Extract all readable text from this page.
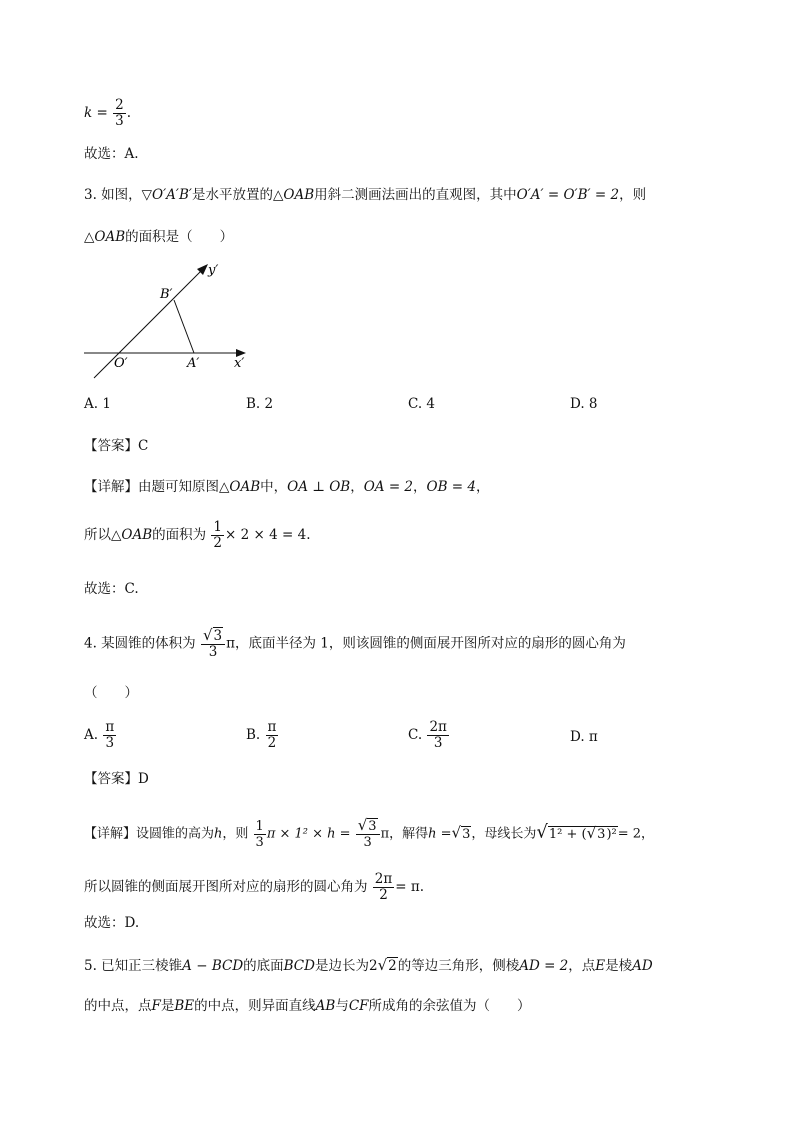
$k = \frac{2}{3}$ .
故选：A.
3. 如图，▽O′A′B′是水平放置的△OAB用斜二测画法画出的直观图，其中O′A′ = O′B′ = 2，则
△OAB的面积是（　　）
y′
B′
O′	A′	x′
A. 1	B. 2	C. 4	D. 8
【答案】C
【详解】由题可知原图△OAB中，OA ⊥ OB，OA = 2，OB = 4，
所以△OAB的面积为 $\frac{1}{2} \times 2 \times 4 = 4$.
故选：C.
4. 某圆锥的体积为 $\frac{√3}{3}$ π，底面半径为 1，则该圆锥的侧面展开图所对应的扇形的圆心角为
（　　）
A. $\frac{\pi}{3}$	B. $\frac{\pi}{2}$	C. $\frac{2\pi}{3}$	D. π
【答案】D
【详解】设圆锥的高为h，则 $\frac{1}{3}$ $\pi \times 1^2 \times h = \frac{√3}{3}$ π，解得h =√3，母线长为√1² + (√3)²= 2，
所以圆锥的侧面展开图所对应的扇形的圆心角为 $\frac{2\pi}{2} = \pi$.
故选：D.
5. 已知正三棱锥A − BCD的底面BCD是边长为2√2的等边三角形，侧棱AD = 2，点E是棱AD
的中点，点F是BE的中点，则异面直线AB与CF所成角的余弦值为（　　）
